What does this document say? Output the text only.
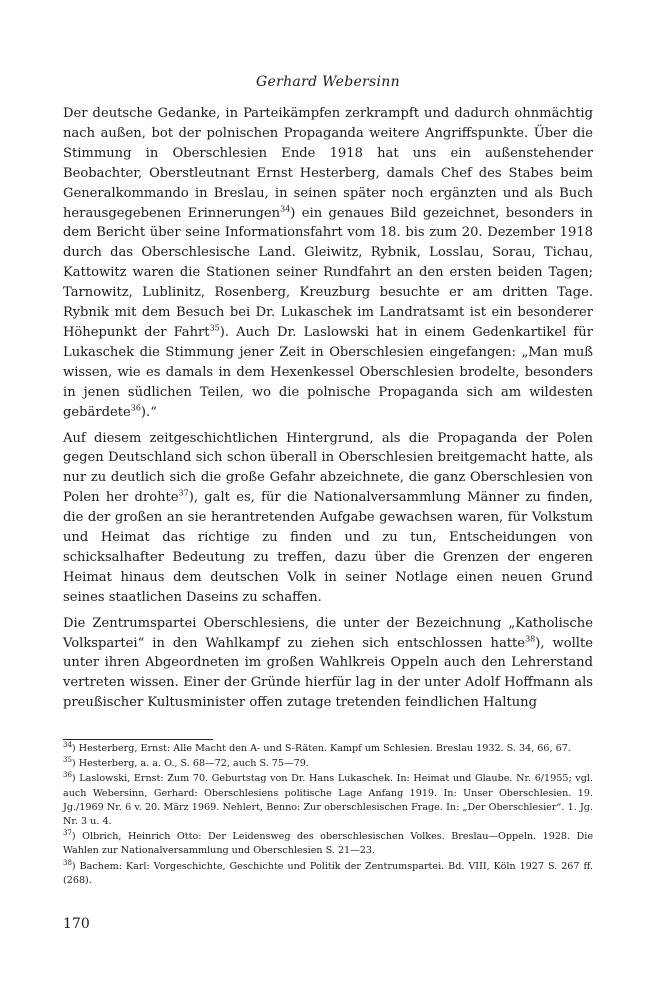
Gerhard Webersinn

Der deutsche Gedanke, in Parteikämpfen zerkrampft und dadurch ohnmächtig nach außen, bot der polnischen Propaganda weitere Angriffspunkte. Über die Stimmung in Oberschlesien Ende 1918 hat uns ein außenstehender Beobachter, Oberstleutnant Ernst Hesterberg, damals Chef des Stabes beim Generalkommando in Breslau, in seinen später noch ergänzten und als Buch herausgegebenen Erinnerungen$^{34}$) ein genaues Bild gezeichnet, besonders in dem Bericht über seine Informationsfahrt vom 18. bis zum 20. Dezember 1918 durch das Oberschlesische Land. Gleiwitz, Rybnik, Losslau, Sorau, Tichau, Kattowitz waren die Stationen seiner Rundfahrt an den ersten beiden Tagen; Tarnowitz, Lublinitz, Rosenberg, Kreuzburg besuchte er am dritten Tage. Rybnik mit dem Besuch bei Dr. Lukaschek im Landratsamt ist ein besonderer Höhepunkt der Fahrt$^{35}$). Auch Dr. Laslowski hat in einem Gedenkartikel für Lukaschek die Stimmung jener Zeit in Oberschlesien eingefangen: „Man muß wissen, wie es damals in dem Hexenkessel Oberschlesien brodelte, besonders in jenen südlichen Teilen, wo die polnische Propaganda sich am wildesten gebärdete$^{36}$).“

Auf diesem zeitgeschichtlichen Hintergrund, als die Propaganda der Polen gegen Deutschland sich schon überall in Oberschlesien breitgemacht hatte, als nur zu deutlich sich die große Gefahr abzeichnete, die ganz Oberschlesien von Polen her drohte$^{37}$), galt es, für die Nationalversammlung Männer zu finden, die der großen an sie herantretenden Aufgabe gewachsen waren, für Volkstum und Heimat das richtige zu finden und zu tun, Entscheidungen von schicksalhafter Bedeutung zu treffen, dazu über die Grenzen der engeren Heimat hinaus dem deutschen Volk in seiner Notlage einen neuen Grund seines staatlichen Daseins zu schaffen.

Die Zentrumspartei Oberschlesiens, die unter der Bezeichnung „Katholische Volkspartei“ in den Wahlkampf zu ziehen sich entschlossen hatte$^{38}$), wollte unter ihren Abgeordneten im großen Wahlkreis Oppeln auch den Lehrerstand vertreten wissen. Einer der Gründe hierfür lag in der unter Adolf Hoffmann als preußischer Kultusminister offen zutage tretenden feindlichen Haltung

$^{34}$) Hesterberg, Ernst: Alle Macht den A- und S-Räten. Kampf um Schlesien. Breslau 1932. S. 34, 66, 67.
$^{35}$) Hesterberg, a. a. O., S. 68—72, auch S. 75—79.
$^{36}$) Laslowski, Ernst: Zum 70. Geburtstag von Dr. Hans Lukaschek. In: Heimat und Glaube. Nr. 6/1955; vgl. auch Webersinn, Gerhard: Oberschlesiens politische Lage Anfang 1919. In: Unser Oberschlesien. 19. Jg./1969 Nr. 6 v. 20. März 1969. Nehlert, Benno: Zur oberschlesischen Frage. In: „Der Oberschlesier“. 1. Jg. Nr. 3 u. 4.
$^{37}$) Olbrich, Heinrich Otto: Der Leidensweg des oberschlesischen Volkes. Breslau—Oppeln. 1928. Die Wahlen zur Nationalversammlung und Oberschlesien S. 21—23.
$^{38}$) Bachem: Karl: Vorgeschichte, Geschichte und Politik der Zentrumspartei. Bd. VIII, Köln 1927 S. 267 ff. (268).
170
